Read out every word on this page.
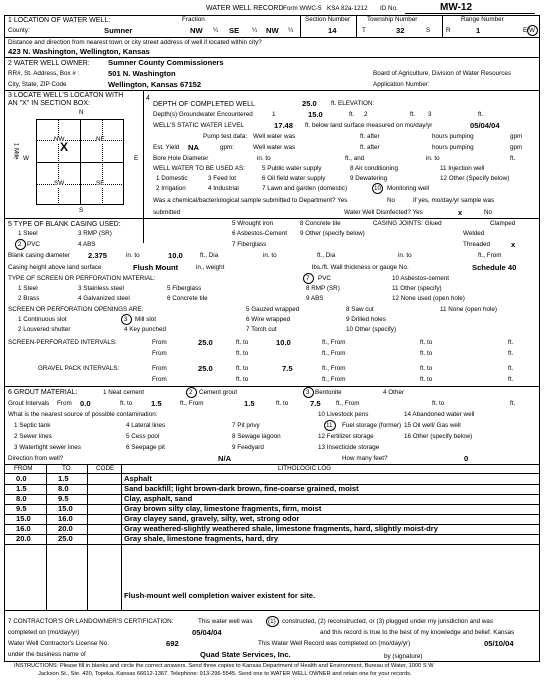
WATER WELL RECORD Form WWC-5 KSA 82a-1212 ID No.	MW-12
1 LOCATION OF WATER WELL:
County:	Sumner
Fraction
NW ¼ SE ¼ NW ¼
Section Number
14
Township Number
T	32	S
Range Number
R	1	E/W
Distance and direction from nearest town or city street address of well if located within city?
423 N. Washington, Wellington, Kansas
2 WATER WELL OWNER: Sumner County Commissioners
RR#, St. Address, Box # :	501 N. Washington
City, State, ZIP Code	Wellington, Kansas 67152
Board of Agriculture, Division of Water Resources
Application Number:
3 LOCATE WELL'S LOCATON WITH
AN "X" IN SECTION BOX:
N
S
W	E
NW	NE
SW	SE
X
1 Mile
4
DEPTH OF COMPLETED WELL	25.0 ft. ELEVATION:
Depth(s) Groundwater Encountered	1	15.0	ft. 2	ft. 3	ft.
WELL'S STATIC WATER LEVEL	17.48 ft. below land surface measured on mo/day/yr	05/04/04
Pump test data: Well water was	ft. after	hours pumping	gpm
Est. Yield NA	gpm:	Well water was	ft. after	hours pumping	gpm
Bore Hole Diameter	in. to	ft., and	in. to	ft.
WELL WATER TO BE USED AS:	5 Public water supply	8 Air conditioning	11 Injection well
1 Domestic	3 Feed lot	6 Oil field water supply	9 Dewatering	12 Other (Specify below)
2 Irrigation	4 Industrial	7 Lawn and garden (domestic)	10 Monitoring well
Was a chemical/bacteriological sample submitted to Department? Yes	No	If yes, mo/day/yr sample was
submitted	Water Well Disinfected? Yes	x	No
5 TYPE OF BLANK CASING USED:	5 Wrought iron	8 Concrete tile	CASING JOINTS: Glued	Clamped
1 Steel	3 RMP (SR)	6 Asbestos-Cement 9 Other (specify below)	Welded
2 PVC	4 ABS	7 Fiberglass	Threaded	x
Blank casing diameter 2.375	in. to	10.0	ft., Dia	in. to	ft., Dia	in. to	ft., From
Casing height above land surface	Flush Mount	in., weight	lbs./ft. Wall thickness or gauge No.	Schedule 40
TYPE OF SCREEN OR PERFORATION MATERIAL:	7 PVC	10 Asbestos-cement
1 Steel	3 Stainless steel	5 Fiberglass	8 RMP (SR)	11 Other (specify)
2 Brass	4 Galvanized steel	6 Concrete tile	9 ABS	12 None used (open hole)
SCREEN OR PERFORATION OPENINGS ARE:	5 Gauzed wrapped	8 Saw cut	11 None (open hole)
1 Continuous slot	3 Mill slot	6 Wire wrapped	9 Drilled holes
2 Louvered shutter	4 Key punched	7 Torch cut	10 Other (specify)
SCREEN-PERFORATED INTERVALS:	From	25.0	ft. to	10.0	ft., From	ft. to	ft.
From	ft. to	ft., From	ft. to	ft.
GRAVEL PACK INTERVALS:	From	25.0	ft. to	7.5	ft., From	ft. to	ft.
From	ft. to	ft., From	ft. to	ft.
6 GROUT MATERIAL:	1 Neat cement	2 Cement grout	3 Bentonite	4 Other
Grout Intervals From 0.0	ft. to 1.5	ft., From	1.5	ft. to	7.5 ft., From	ft. to	ft.
What is the nearest source of possible contamination:	10 Livestock pens	14 Abandoned water well
1 Septic tank	4 Lateral lines	7 Pit privy	11 Fuel storage (former) 15 Oil well/ Gas well
2 Sewer lines	5 Cess pool	8 Sewage lagoon	12 Fertilizer storage	16 Other (specify below)
3 Watertight sewer lines	6 Seepage pit	9 Feedyard	13 Insecticide storage
Direction from well?	N/A	How many feet?	0
FROM	TO	CODE	LITHOLOGIC LOG
0.0	1.5	Asphalt
1.5	8.0	Sand backfill; light brown-dark brown, fine-coarse grained, moist
8.0	9.5	Clay, asphalt, sand
9.5	15.0	Gray brown silty clay, limestone fragments, firm, moist
15.0	16.0	Gray clayey sand, gravely, silty, wet, strong odor
16.0	20.0	Gray weathered-slightly weathered shale, limestone fragments, hard, slightly moist-dry
20.0	25.0	Gray shale, limestone fragments, hard, dry
Flush-mount well completion waiver existent for site.
7 CONTRACTOR'S OR LANDOWNER'S CERTIFICATION:	This water well was (1) constructed, (2) reconstructed, or (3) plugged under my jurisdiction and was
completed on (mo/day/yr)	05/04/04	and this record is true to the best of my knowledge and belief. Kansas
Water Well Contractor's License No.	692	This Water Well Record was completed on (mo/day/yr)	05/10/04
under the business name of	Quad State Services, Inc.	by (signature)
INSTRUCTIONS: Please fill in blanks and circle the correct answers. Send three copies to Kansas Department of Health and Environment, Bureau of Water, 1000 S W
Jackson St., Ste. 420, Topeka, Kansas 66612-1367. Telephone: 913-296-5545. Send one to WATER WELL OWNER and retain one for your records.
